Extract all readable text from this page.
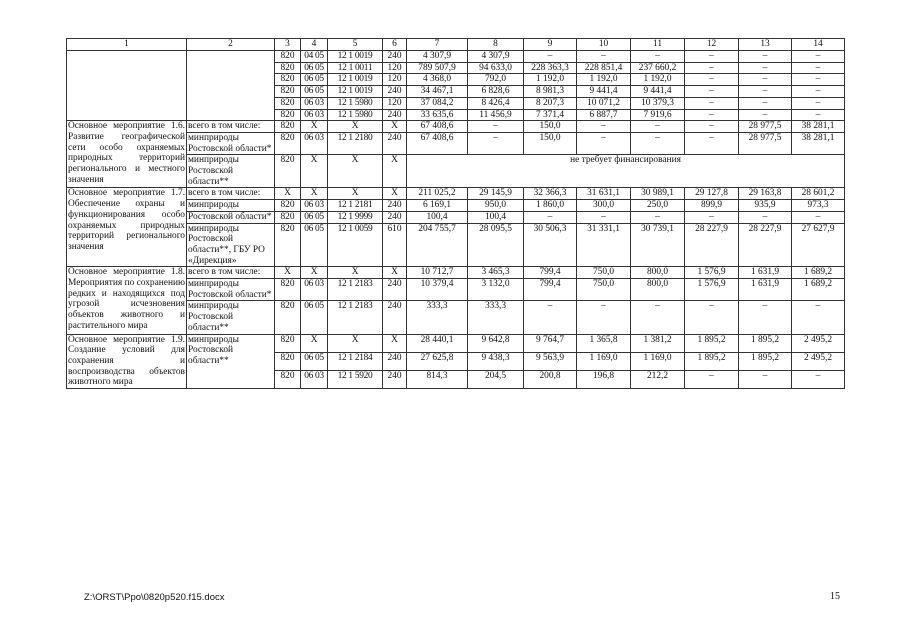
1	2	3	4	5	6	7	8	9	10	11	12	13	14
		820	04 05	12 1 0019	240	4 307,9	4 307,9	–	–	–	–	–	–
		820	06 05	12 1 0011	120	789 507,9	94 633,0	228 363,3	228 851,4	237 660,2	–	–	–
		820	06 05	12 1 0019	120	4 368,0	792,0	1 192,0	1 192,0	1 192,0	–	–	–
		820	06 05	12 1 0019	240	34 467,1	6 828,6	8 981,3	9 441,4	9 441,4	–	–	–
		820	06 03	12 1 5980	120	37 084,2	8 426,4	8 207,3	10 071,2	10 379,3	–	–	–
		820	06 03	12 1 5980	240	33 635,6	11 456,9	7 371,4	6 887,7	7 919,6	–	–	–
Основное мероприятие 1.6. Развитие географической сети особо охраняемых природных территорий регионального и местного значения	всего в том числе:	820	Х	Х	Х	67 408,6	–	150,0	–	–	–	28 977,5	38 281,1
	минприроды Ростовской области*	820	06 03	12 1 2180	240	67 408,6	–	150,0	–	–	–	28 977,5	38 281,1
	минприроды Ростовской области**	820	Х	Х	Х	не требует финансирования							
Основное мероприятие 1.7. Обеспечение охраны и функционирования особо охраняемых природных территорий регионального значения	всего в том числе:	Х	Х	Х	Х	211 025,2	29 145,9	32 366,3	31 631,1	30 989,1	29 127,8	29 163,8	28 601,2
	минприроды	820	06 03	12 1 2181	240	6 169,1	950,0	1 860,0	300,0	250,0	899,9	935,9	973,3
	Ростовской области*	820	06 05	12 1 9999	240	100,4	100,4	–	–	–	–	–	–
	минприроды Ростовской области**, ГБУ РО «Дирекция»	820	06 05	12 1 0059	610	204 755,7	28 095,5	30 506,3	31 331,1	30 739,1	28 227,9	28 227,9	27 627,9
Основное мероприятие 1.8. Мероприятия по сохранению редких и находящихся под угрозой исчезновения объектов животного и растительного мира	всего в том числе:	Х	Х	Х	Х	10 712,7	3 465,3	799,4	750,0	800,0	1 576,9	1 631,9	1 689,2
	минприроды Ростовской области*	820	06 03	12 1 2183	240	10 379,4	3 132,0	799,4	750,0	800,0	1 576,9	1 631,9	1 689,2
	минприроды Ростовской области**	820	06 05	12 1 2183	240	333,3	333,3	–	–	–	–	–	–
Основное мероприятие 1.9. Создание условий для сохранения и воспроизводства объектов животного мира	минприроды Ростовской области**	820	Х	Х	Х	28 440,1	9 642,8	9 764,7	1 365,8	1 381,2	1 895,2	1 895,2	2 495,2
		820	06 05	12 1 2184	240	27 625,8	9 438,3	9 563,9	1 169,0	1 169,0	1 895,2	1 895,2	2 495,2
		820	06 03	12 1 5920	240	814,3	204,5	200,8	196,8	212,2	–	–	–
Z:\ORST\Ppo\0820p520.f15.docx	15
